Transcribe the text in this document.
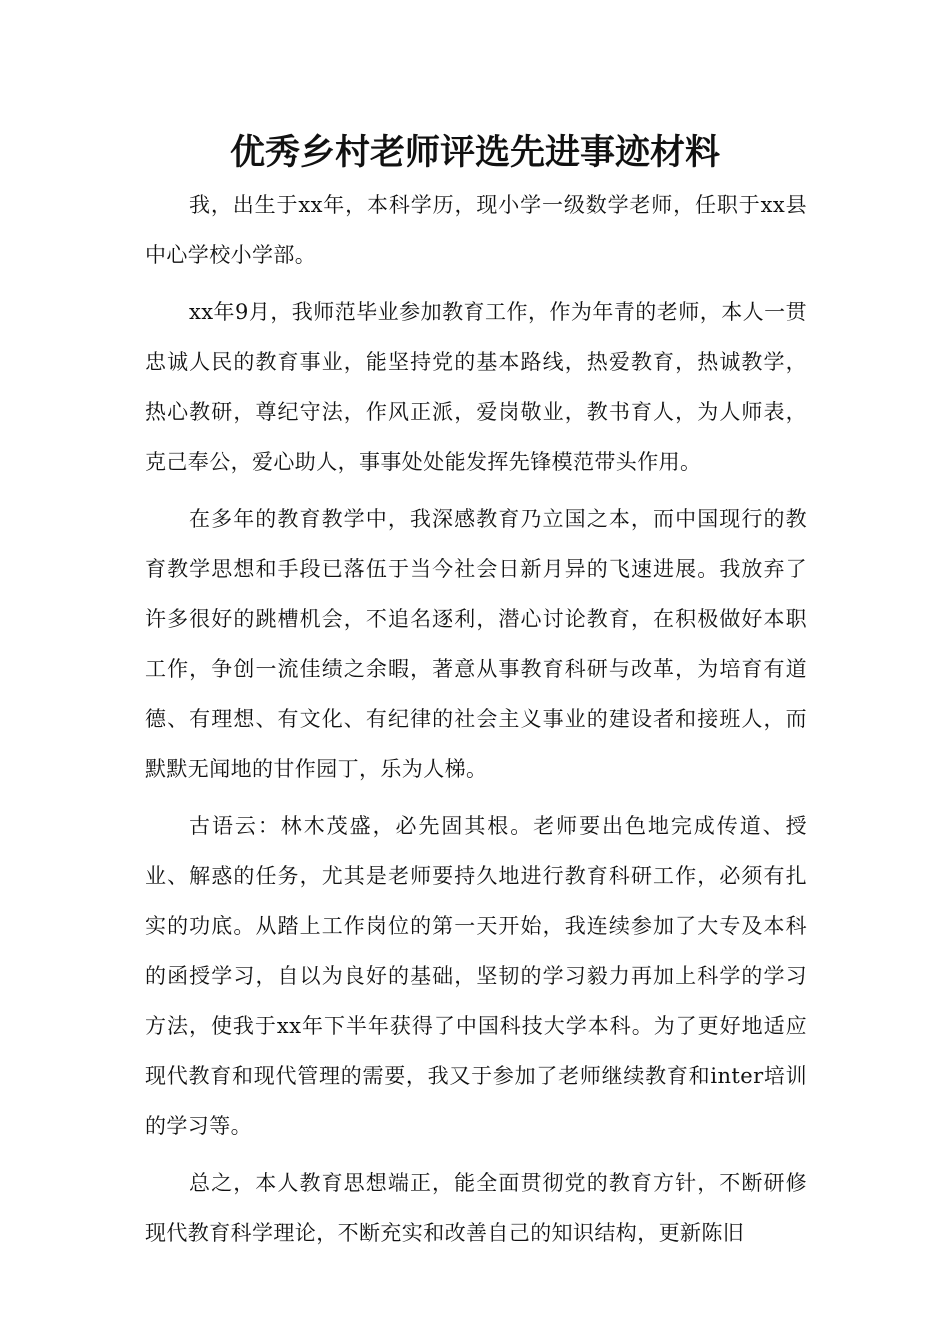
优秀乡村老师评选先进事迹材料

我，出生于xx年，本科学历，现小学一级数学老师，任职于xx县中心学校小学部。

xx年9月，我师范毕业参加教育工作，作为年青的老师，本人一贯忠诚人民的教育事业，能坚持党的基本路线，热爱教育，热诚教学，热心教研，尊纪守法，作风正派，爱岗敬业，教书育人，为人师表，克己奉公，爱心助人，事事处处能发挥先锋模范带头作用。

在多年的教育教学中，我深感教育乃立国之本，而中国现行的教育教学思想和手段已落伍于当今社会日新月异的飞速进展。我放弃了许多很好的跳槽机会，不追名逐利，潜心讨论教育，在积极做好本职工作，争创一流佳绩之余暇，著意从事教育科研与改革，为培育有道德、有理想、有文化、有纪律的社会主义事业的建设者和接班人，而默默无闻地的甘作园丁，乐为人梯。

古语云：林木茂盛，必先固其根。老师要出色地完成传道、授业、解惑的任务，尤其是老师要持久地进行教育科研工作，必须有扎实的功底。从踏上工作岗位的第一天开始，我连续参加了大专及本科的函授学习，自以为良好的基础，坚韧的学习毅力再加上科学的学习方法，使我于xx年下半年获得了中国科技大学本科。为了更好地适应现代教育和现代管理的需要，我又于参加了老师继续教育和inter培训的学习等。

总之，本人教育思想端正，能全面贯彻党的教育方针，不断研修现代教育科学理论，不断充实和改善自己的知识结构，更新陈旧
